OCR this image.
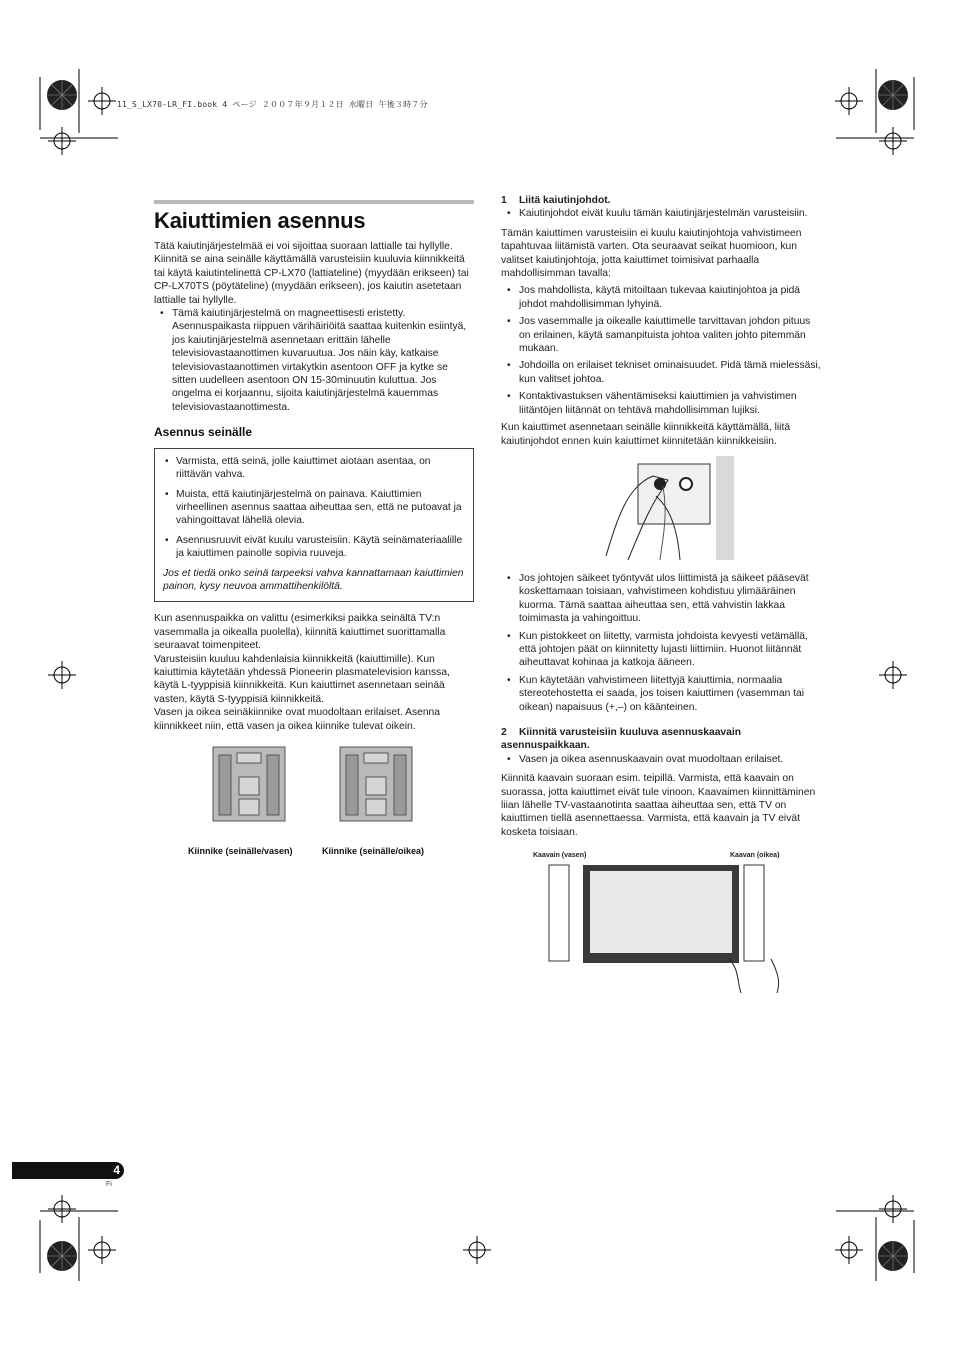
11_S_LX70-LR_FI.book 4 ページ ２００７年９月１２日 水曜日 午後３時７分
Kaiuttimien asennus

Tätä kaiutinjärjestelmää ei voi sijoittaa suoraan lattialle tai hyllylle. Kiinnitä se aina seinälle käyttämällä varusteisiin kuuluvia kiinnikkeitä tai käytä kaiutintelinettä CP-LX70 (lattiateline) (myydään erikseen) tai CP-LX70TS (pöytäteline) (myydään erikseen), jos kaiutin asetetaan lattialle tai hyllylle.

• Tämä kaiutinjärjestelmä on magneettisesti eristetty. Asennuspaikasta riippuen värihäiriöitä saattaa kuitenkin esiintyä, jos kaiutinjärjestelmä asennetaan erittäin lähelle televisiovastaanottimen kuvaruutua. Jos näin käy, katkaise televisiovastaanottimen virtakytkin asentoon OFF ja kytke se sitten uudelleen asentoon ON 15-30minuutin kuluttua. Jos ongelma ei korjaannu, sijoita kaiutinjärjestelmä kauemmas televisiovastaanottimesta.
Asennus seinälle
• Varmista, että seinä, jolle kaiuttimet aiotaan asentaa, on riittävän vahva.
• Muista, että kaiutinjärjestelmä on painava. Kaiuttimien virheellinen asennus saattaa aiheuttaa sen, että ne putoavat ja vahingoittavat lähellä olevia.
• Asennusruuvit eivät kuulu varusteisiin. Käytä seinämateriaalille ja kaiuttimen painolle sopivia ruuveja.

Jos et tiedä onko seinä tarpeeksi vahva kannattamaan kaiuttimien painon, kysy neuvoa ammattihenkilöltä.

Kun asennuspaikka on valittu (esimerkiksi paikka seinältä TV:n vasemmalla ja oikealla puolella), kiinnitä kaiuttimet suorittamalla seuraavat toimenpiteet.

Varusteisiin kuuluu kahdenlaisia kiinnikkeitä (kaiuttimille). Kun kaiuttimia käytetään yhdessä Pioneerin plasmatelevision kanssa, käytä L-tyyppisiä kiinnikkeitä. Kun kaiuttimet asennetaan seinää vasten, käytä S-tyyppisiä kiinnikkeitä.

Vasen ja oikea seinäkiinnike ovat muodoltaan erilaiset. Asenna kiinnikkeet niin, että vasen ja oikea kiinnike tulevat oikein.

Kiinnike (seinälle/vasen)	Kiinnike (seinälle/oikea)

1 Liitä kaiutinjohdot.

• Kaiutinjohdot eivät kuulu tämän kaiutinjärjestelmän varusteisiin.

Tämän kaiuttimen varusteisiin ei kuulu kaiutinjohtoja vahvistimeen tapahtuvaa liitämistä varten. Ota seuraavat seikat huomioon, kun valitset kaiutinjohtoja, jotta kaiuttimet toimisivat parhaalla mahdollisimman tavalla:

• Jos mahdollista, käytä mitoiltaan tukevaa kaiutinjohtoa ja pidä johdot mahdollisimman lyhyinä.
• Jos vasemmalle ja oikealle kaiuttimelle tarvittavan johdon pituus on erilainen, käytä samanpituista johtoa valiten johto pitemmän mukaan.
• Johdoilla on erilaiset tekniset ominaisuudet. Pidä tämä mielessäsi, kun valitset johtoa.
• Kontaktivastuksen vähentämiseksi kaiuttimien ja vahvistimen liitäntöjen liitännät on tehtävä mahdollisimman lujiksi.

Kun kaiuttimet asennetaan seinälle kiinnikkeitä käyttämällä, liitä kaiutinjohdot ennen kuin kaiuttimet kiinnitetään kiinnikkeisiin.

• Jos johtojen säikeet työntyvät ulos liittimistä ja säikeet pääsevät koskettamaan toisiaan, vahvistimeen kohdistuu ylimääräinen kuorma. Tämä saattaa aiheuttaa sen, että vahvistin lakkaa toimimasta ja vahingoittuu.
• Kun pistokkeet on liitetty, varmista johdoista kevyesti vetämällä, että johtojen päät on kiinnitetty lujasti liittimiin. Huonot liitännät aiheuttavat kohinaa ja katkoja ääneen.
• Kun käytetään vahvistimeen liitettyjä kaiuttimia, normaalia stereotehostetta ei saada, jos toisen kaiuttimen (vasemman tai oikean) napaisuus (+,–) on käänteinen.

2 Kiinnitä varusteisiin kuuluva asennuskaavain asennuspaikkaan.

• Vasen ja oikea asennuskaavain ovat muodoltaan erilaiset.

Kiinnitä kaavain suoraan esim. teipillä. Varmista, että kaavain on suorassa, jotta kaiuttimet eivät tule vinoon. Kaavaimen kiinnittäminen liian lähelle TV-vastaanotinta saattaa aiheuttaa sen, että TV on kaiuttimen tiellä asennettaessa. Varmista, että kaavain ja TV eivät kosketa toisiaan.

Kaavain (vasen)	Kaavan (oikea)
4
Fi
